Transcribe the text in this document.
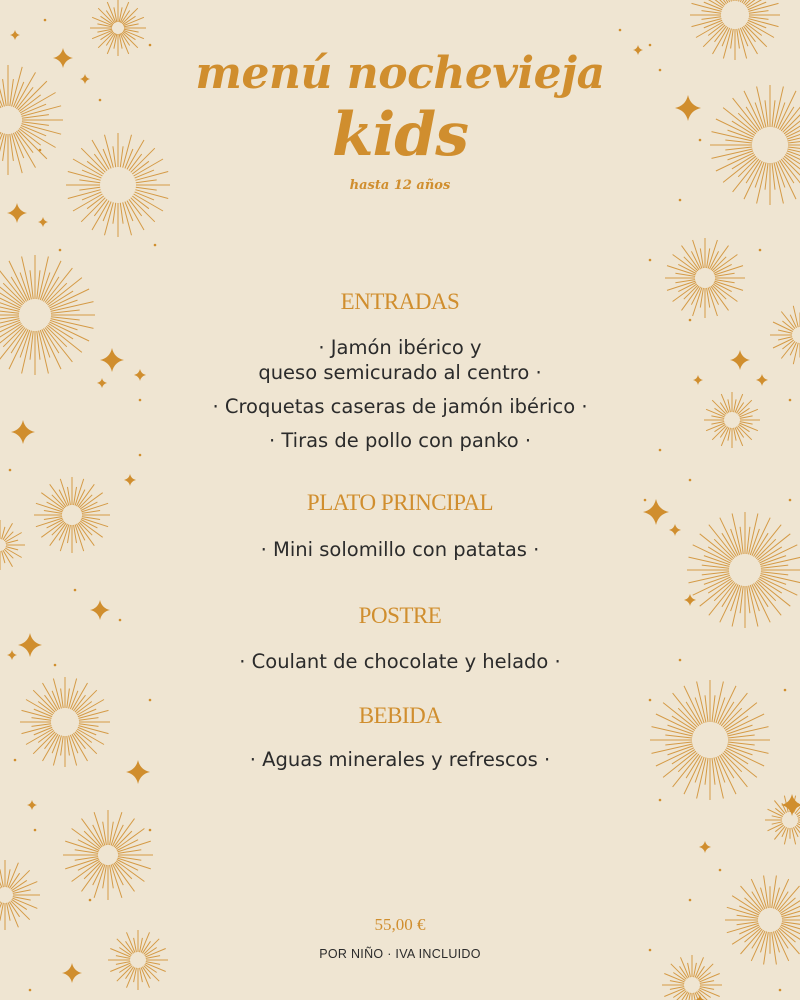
menú nochevieja
kids
hasta 12 años
ENTRADAS
· Jamón ibérico y
queso semicurado al centro ·
· Croquetas caseras de jamón ibérico ·
· Tiras de pollo con panko ·
PLATO PRINCIPAL
· Mini solomillo con patatas ·
POSTRE
· Coulant de chocolate y helado ·
BEBIDA
· Aguas minerales y refrescos ·
55,00 €
POR NIÑO · IVA INCLUIDO
